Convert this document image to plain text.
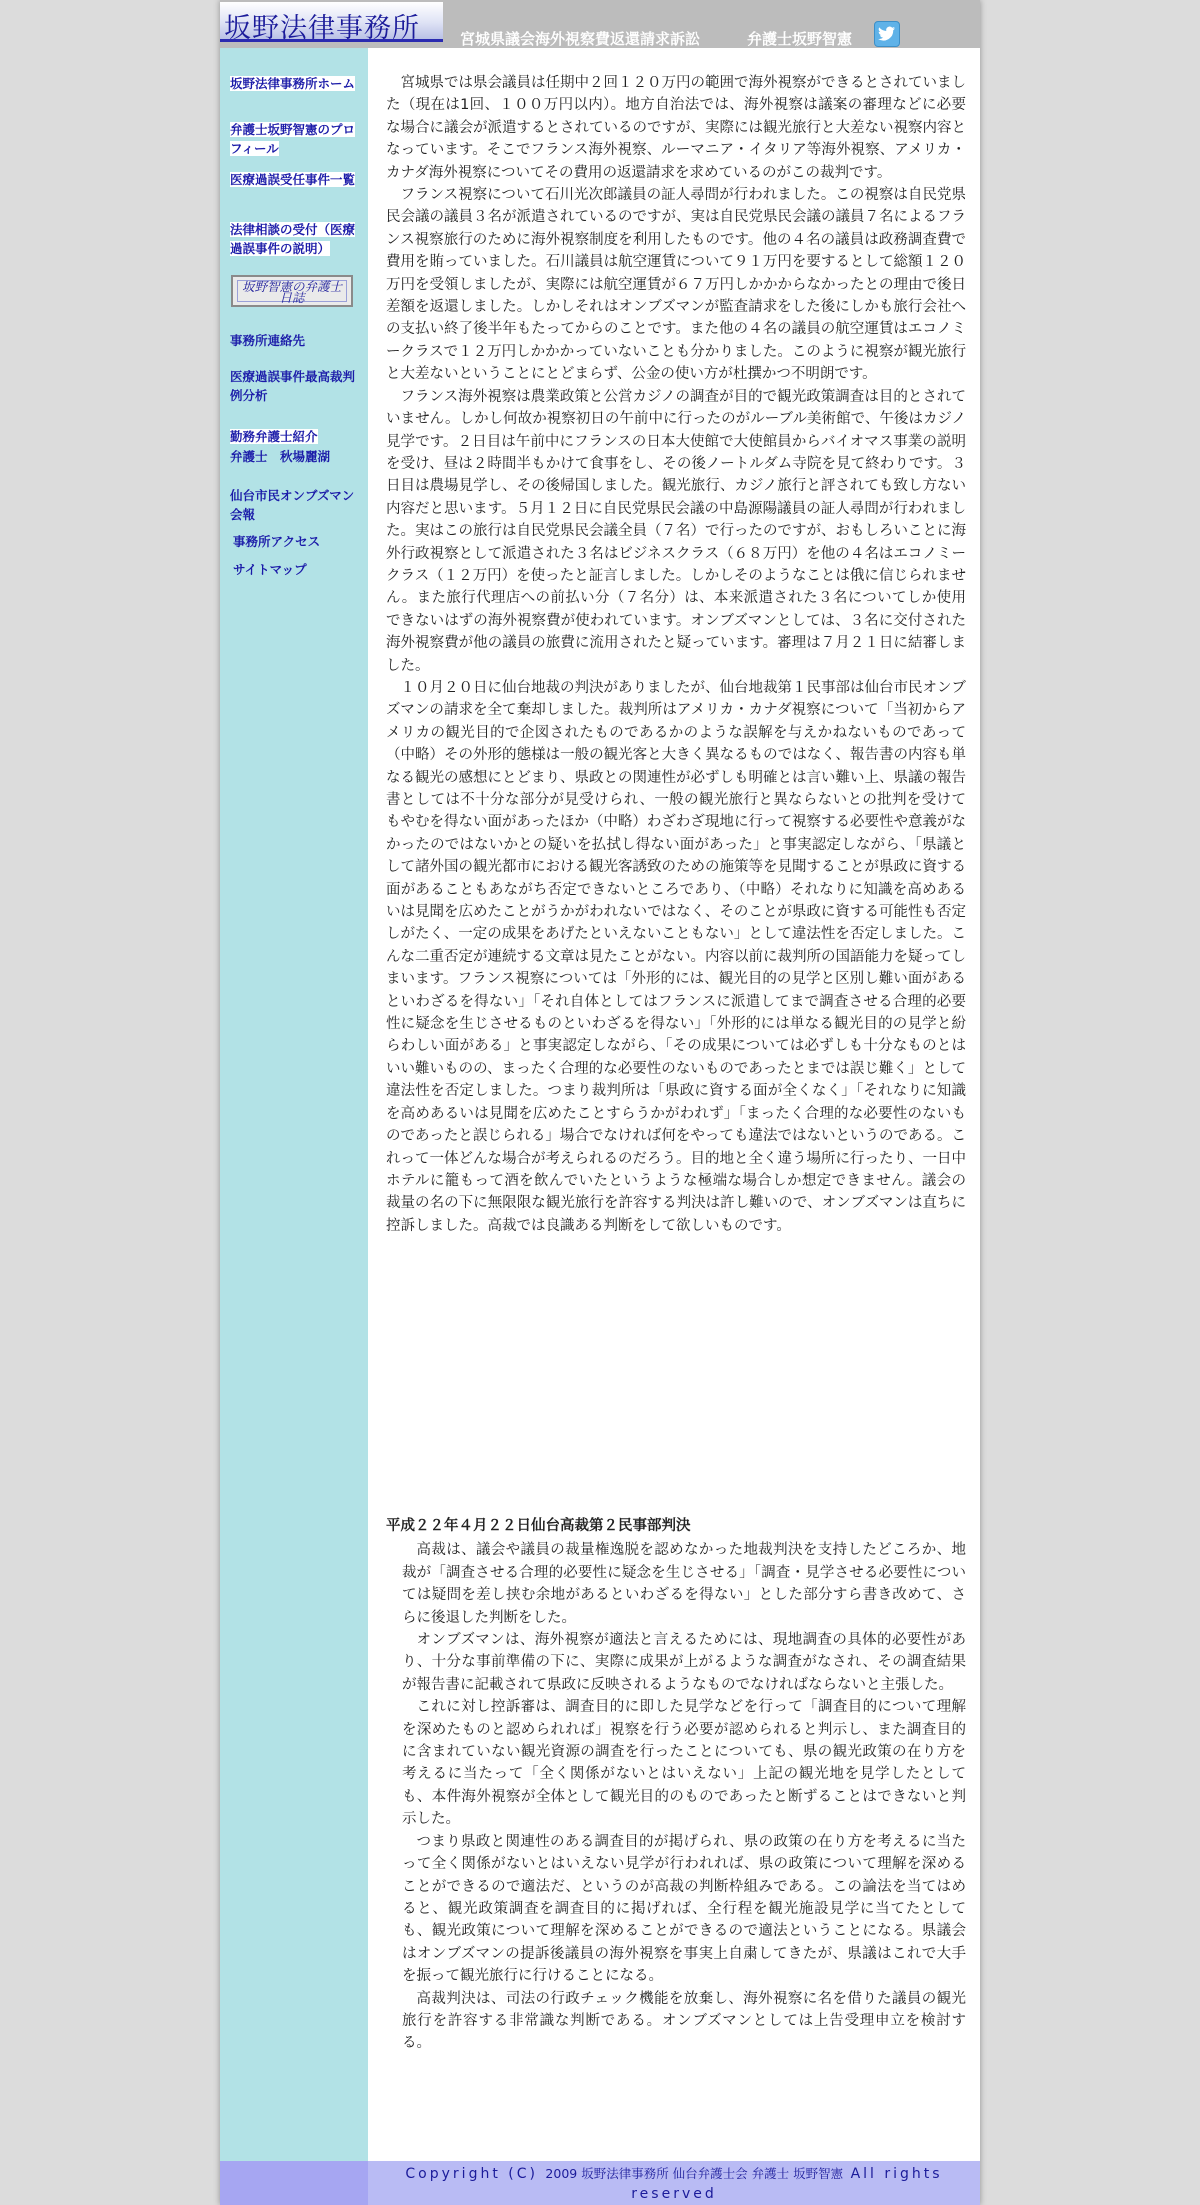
坂野法律事務所	宮城県議会海外視察費返還請求訴訟	弁護士坂野智憲
坂野法律事務所ホーム
弁護士坂野智憲のプロフィール
医療過誤受任事件一覧
法律相談の受付（医療過誤事件の説明）
坂野智憲の弁護士日誌
事務所連絡先
医療過誤事件最高裁判例分析
勤務弁護士紹介
弁護士　秋場麗湖
仙台市民オンブズマン会報
事務所アクセス
サイトマップ

宮城県では県会議員は任期中２回１２０万円の範囲で海外視察ができるとされていました（現在は1回、１００万円以内）。地方自治法では、海外視察は議案の審理などに必要な場合に議会が派遣するとされているのですが、実際には観光旅行と大差ない視察内容となっています。そこでフランス海外視察、ルーマニア・イタリア等海外視察、アメリカ・カナダ海外視察についてその費用の返還請求を求めているのがこの裁判です。

フランス視察について石川光次郎議員の証人尋問が行われました。この視察は自民党県民会議の議員３名が派遣されているのですが、実は自民党県民会議の議員７名によるフランス視察旅行のために海外視察制度を利用したものです。他の４名の議員は政務調査費で費用を賄っていました。石川議員は航空運賃について９１万円を要するとして総額１２０万円を受領しましたが、実際には航空運賃が６７万円しかかからなかったとの理由で後日差額を返還しました。しかしそれはオンブズマンが監査請求をした後にしかも旅行会社への支払い終了後半年もたってからのことです。また他の４名の議員の航空運賃はエコノミークラスで１２万円しかかかっていないことも分かりました。このように視察が観光旅行と大差ないということにとどまらず、公金の使い方が杜撰かつ不明朗です。

フランス海外視察は農業政策と公営カジノの調査が目的で観光政策調査は目的とされていません。しかし何故か視察初日の午前中に行ったのがルーブル美術館で、午後はカジノ見学です。２日目は午前中にフランスの日本大使館で大使館員からバイオマス事業の説明を受け、昼は２時間半もかけて食事をし、その後ノートルダム寺院を見て終わりです。３日目は農場見学し、その後帰国しました。観光旅行、カジノ旅行と評されても致し方ない内容だと思います。５月１２日に自民党県民会議の中島源陽議員の証人尋問が行われました。実はこの旅行は自民党県民会議全員（７名）で行ったのですが、おもしろいことに海外行政視察として派遣された３名はビジネスクラス（６８万円）を他の４名はエコノミークラス（１２万円）を使ったと証言しました。しかしそのようなことは俄に信じられません。また旅行代理店への前払い分（７名分）は、本来派遣された３名についてしか使用できないはずの海外視察費が使われています。オンブズマンとしては、３名に交付された海外視察費が他の議員の旅費に流用されたと疑っています。審理は７月２１日に結審しました。

１０月２０日に仙台地裁の判決がありましたが、仙台地裁第１民事部は仙台市民オンブズマンの請求を全て棄却しました。裁判所はアメリカ・カナダ視察について「当初からアメリカの観光目的で企図されたものであるかのような誤解を与えかねないものであって（中略）その外形的態様は一般の観光客と大きく異なるものではなく、報告書の内容も単なる観光の感想にとどまり、県政との関連性が必ずしも明確とは言い難い上、県議の報告書としては不十分な部分が見受けられ、一般の観光旅行と異ならないとの批判を受けてもやむを得ない面があったほか（中略）わざわざ現地に行って視察する必要性や意義がなかったのではないかとの疑いを払拭し得ない面があった」と事実認定しながら、「県議として諸外国の観光都市における観光客誘致のための施策等を見聞することが県政に資する面があることもあながち否定できないところであり、（中略）それなりに知識を高めあるいは見聞を広めたことがうかがわれないではなく、そのことが県政に資する可能性も否定しがたく、一定の成果をあげたといえないこともない」として違法性を否定しました。こんな二重否定が連続する文章は見たことがない。内容以前に裁判所の国語能力を疑ってしまいます。フランス視察については「外形的には、観光目的の見学と区別し難い面があるといわざるを得ない」「それ自体としてはフランスに派遣してまで調査させる合理的必要性に疑念を生じさせるものといわざるを得ない」「外形的には単なる観光目的の見学と紛らわしい面がある」と事実認定しながら、「その成果については必ずしも十分なものとはいい難いものの、まったく合理的な必要性のないものであったとまでは誤じ難く」として違法性を否定しました。つまり裁判所は「県政に資する面が全くなく」「それなりに知識を高めあるいは見聞を広めたことすらうかがわれず」「まったく合理的な必要性のないものであったと誤じられる」場合でなければ何をやっても違法ではないというのである。これって一体どんな場合が考えられるのだろう。目的地と全く違う場所に行ったり、一日中ホテルに籠もって酒を飲んでいたというような極端な場合しか想定できません。議会の裁量の名の下に無限限な観光旅行を許容する判決は許し難いので、オンブズマンは直ちに控訴しました。高裁では良識ある判断をして欲しいものです。

平成２２年４月２２日仙台高裁第２民事部判決

高裁は、議会や議員の裁量権逸脱を認めなかった地裁判決を支持したどころか、地裁が「調査させる合理的必要性に疑念を生じさせる」「調査・見学させる必要性については疑問を差し挟む余地があるといわざるを得ない」とした部分すら書き改めて、さらに後退した判断をした。

オンブズマンは、海外視察が適法と言えるためには、現地調査の具体的必要性があり、十分な事前準備の下に、実際に成果が上がるような調査がなされ、その調査結果が報告書に記載されて県政に反映されるようなものでなければならないと主張した。

これに対し控訴審は、調査目的に即した見学などを行って「調査目的について理解を深めたものと認められれば」視察を行う必要が認められると判示し、また調査目的に含まれていない観光資源の調査を行ったことについても、県の観光政策の在り方を考えるに当たって「全く関係がないとはいえない」上記の観光地を見学したとしても、本件海外視察が全体として観光目的のものであったと断ずることはできないと判示した。

つまり県政と関連性のある調査目的が掲げられ、県の政策の在り方を考えるに当たって全く関係がないとはいえない見学が行われれば、県の政策について理解を深めることができるので適法だ、というのが高裁の判断枠組みである。この論法を当てはめると、観光政策調査を調査目的に掲げれば、全行程を観光施設見学に当てたとしても、観光政策について理解を深めることができるので適法ということになる。県議会はオンブズマンの提訴後議員の海外視察を事実上自粛してきたが、県議はこれで大手を振って観光旅行に行けることになる。

高裁判決は、司法の行政チェック機能を放棄し、海外視察に名を借りた議員の観光旅行を許容する非常識な判断である。オンブズマンとしては上告受理申立を検討する。

Copyright (C) 2009 坂野法律事務所 仙台弁護士会 弁護士 坂野智憲 All rights reserved
